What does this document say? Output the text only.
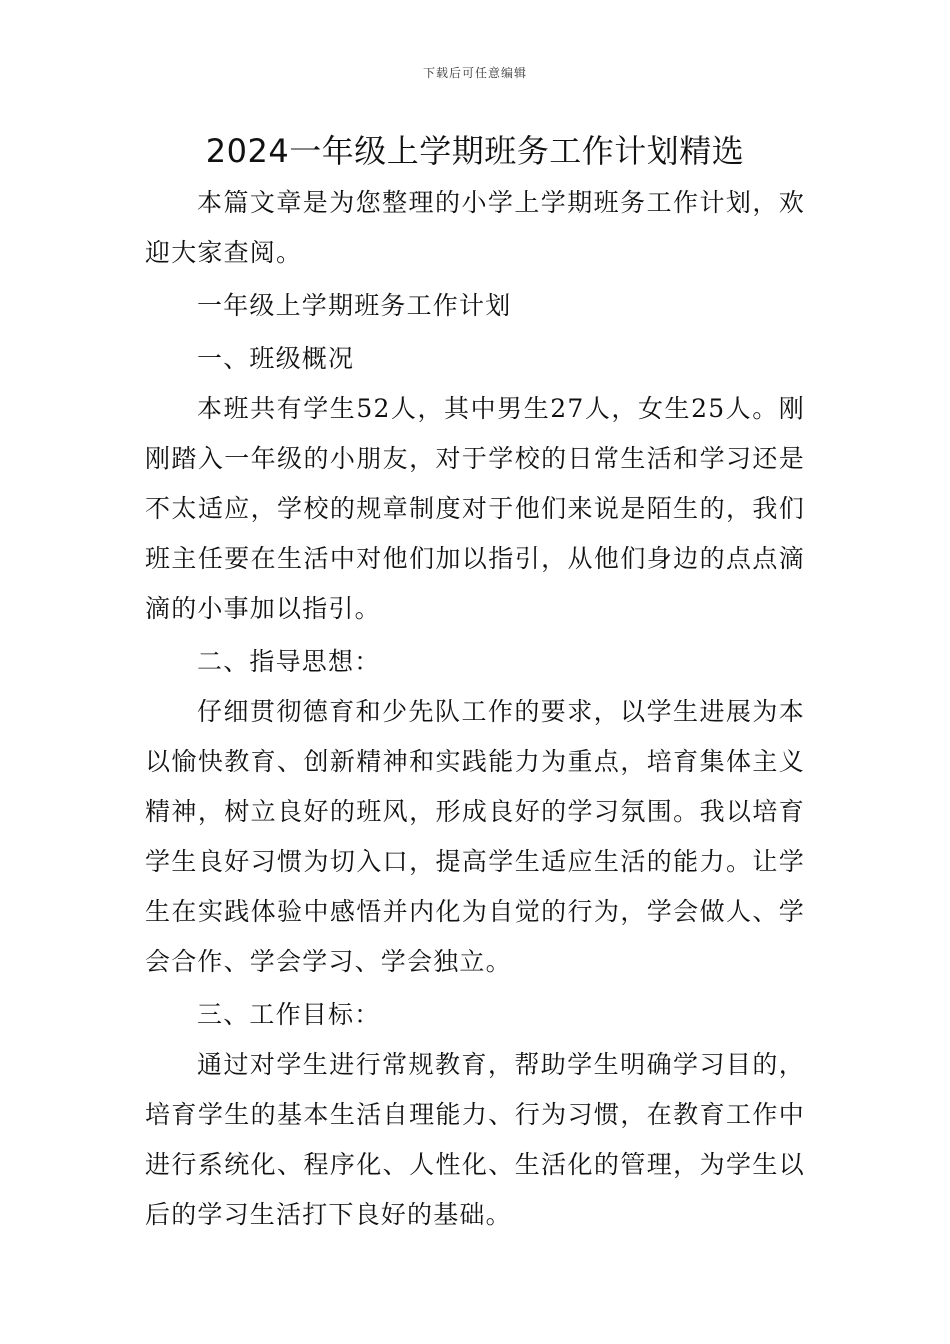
下载后可任意编辑
2024一年级上学期班务工作计划精选

本篇文章是为您整理的小学上学期班务工作计划，欢迎大家查阅。

一年级上学期班务工作计划

一、班级概况

本班共有学生52人，其中男生27人，女生25人。刚刚踏入一年级的小朋友，对于学校的日常生活和学习还是不太适应，学校的规章制度对于他们来说是陌生的，我们班主任要在生活中对他们加以指引，从他们身边的点点滴滴的小事加以指引。

二、指导思想：

仔细贯彻德育和少先队工作的要求，以学生进展为本以愉快教育、创新精神和实践能力为重点，培育集体主义精神，树立良好的班风，形成良好的学习氛围。我以培育学生良好习惯为切入口，提高学生适应生活的能力。让学生在实践体验中感悟并内化为自觉的行为，学会做人、学会合作、学会学习、学会独立。

三、工作目标：

通过对学生进行常规教育，帮助学生明确学习目的，培育学生的基本生活自理能力、行为习惯，在教育工作中进行系统化、程序化、人性化、生活化的管理，为学生以后的学习生活打下良好的基础。
